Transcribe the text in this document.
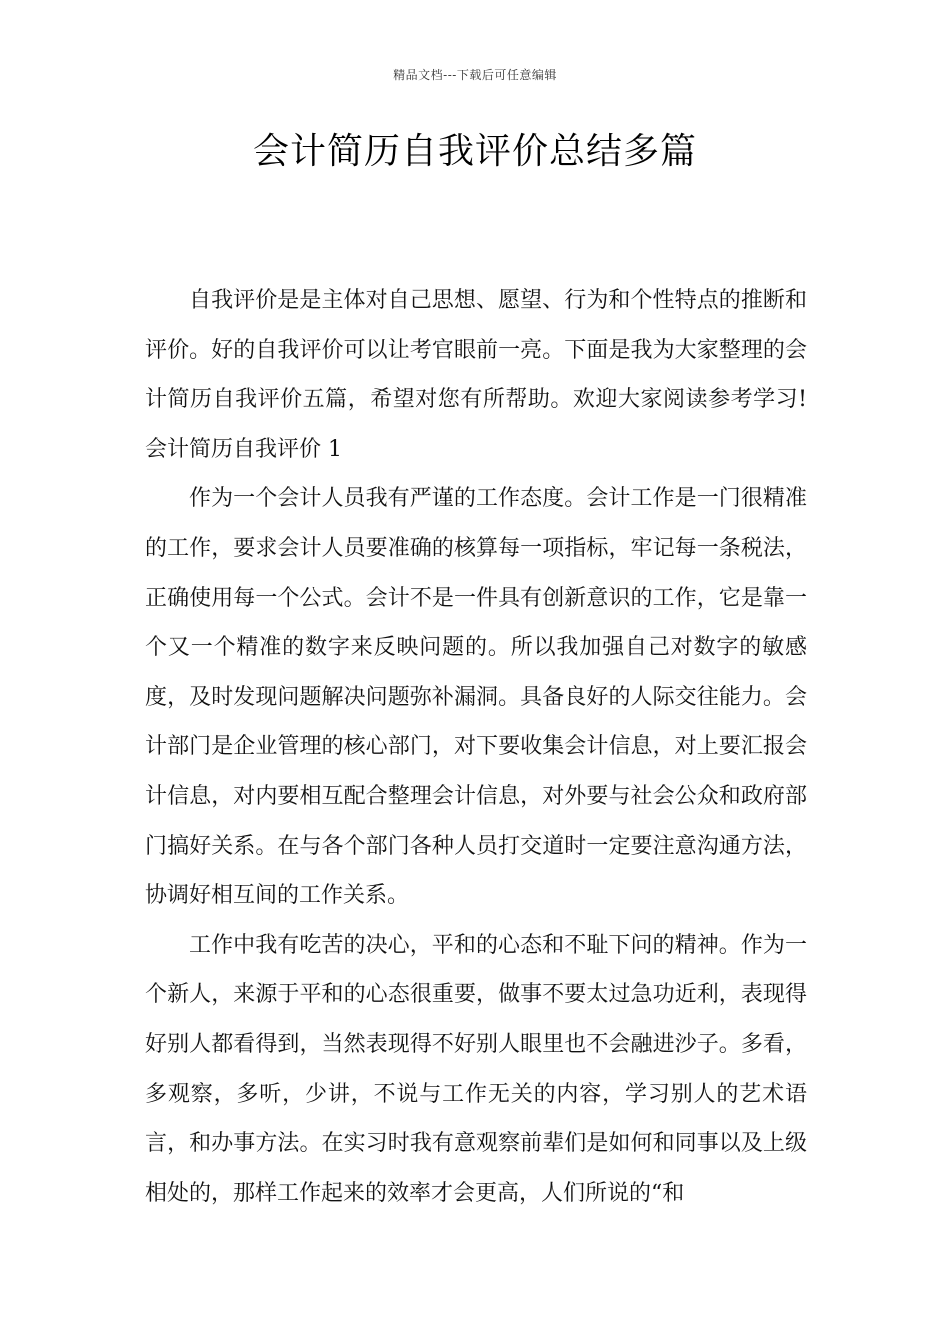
精品文档---下载后可任意编辑
会计简历自我评价总结多篇

自我评价是是主体对自己思想、愿望、行为和个性特点的推断和评价。好的自我评价可以让考官眼前一亮。下面是我为大家整理的会计简历自我评价五篇，希望对您有所帮助。欢迎大家阅读参考学习!会计简历自我评价 1

作为一个会计人员我有严谨的工作态度。会计工作是一门很精准的工作，要求会计人员要准确的核算每一项指标，牢记每一条税法，正确使用每一个公式。会计不是一件具有创新意识的工作，它是靠一个又一个精准的数字来反映问题的。所以我加强自己对数字的敏感度，及时发现问题解决问题弥补漏洞。具备良好的人际交往能力。会计部门是企业管理的核心部门，对下要收集会计信息，对上要汇报会计信息，对内要相互配合整理会计信息，对外要与社会公众和政府部门搞好关系。在与各个部门各种人员打交道时一定要注意沟通方法，协调好相互间的工作关系。

工作中我有吃苦的决心，平和的心态和不耻下问的精神。作为一个新人，来源于平和的心态很重要，做事不要太过急功近利，表现得好别人都看得到，当然表现得不好别人眼里也不会融进沙子。多看，多观察，多听，少讲，不说与工作无关的内容，学习别人的艺术语言，和办事方法。在实习时我有意观察前辈们是如何和同事以及上级相处的，那样工作起来的效率才会更高，人们所说的“和
